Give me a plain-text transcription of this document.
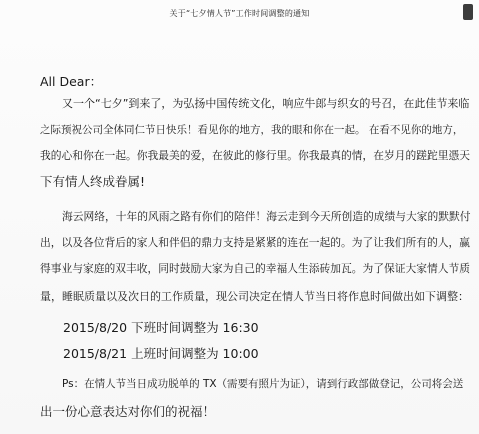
关于“七夕情人节”工作时间调整的通知
All Dear：
又一个“七夕”到来了，为弘扬中国传统文化，响应牛郎与织女的号召，在此佳节来临
之际预祝公司全体同仁节日快乐！看见你的地方，我的眼和你在一起。 在看不见你的地方，
我的心和你在一起。你我最美的爱，在彼此的修行里。你我最真的情，在岁月的蹉跎里憑天
下有情人终成眷属!
海云网络，十年的风雨之路有你们的陪伴！海云走到今天所创造的成绩与大家的默默付
出，以及各位背后的家人和伴侣的鼎力支持是紧紧的连在一起的。为了让我们所有的人，赢
得事业与家庭的双丰收，同时鼓励大家为自己的幸福人生添砖加瓦。为了保证大家情人节质
量，睡眠质量以及次日的工作质量，现公司决定在情人节当日将作息时间做出如下调整：
2015/8/20 下班时间调整为 16:30
2015/8/21 上班时间调整为 10:00
Ps：在情人节当日成功脱单的 TX（需要有照片为证），请到行政部做登记，公司将会送
出一份心意表达对你们的祝福！
